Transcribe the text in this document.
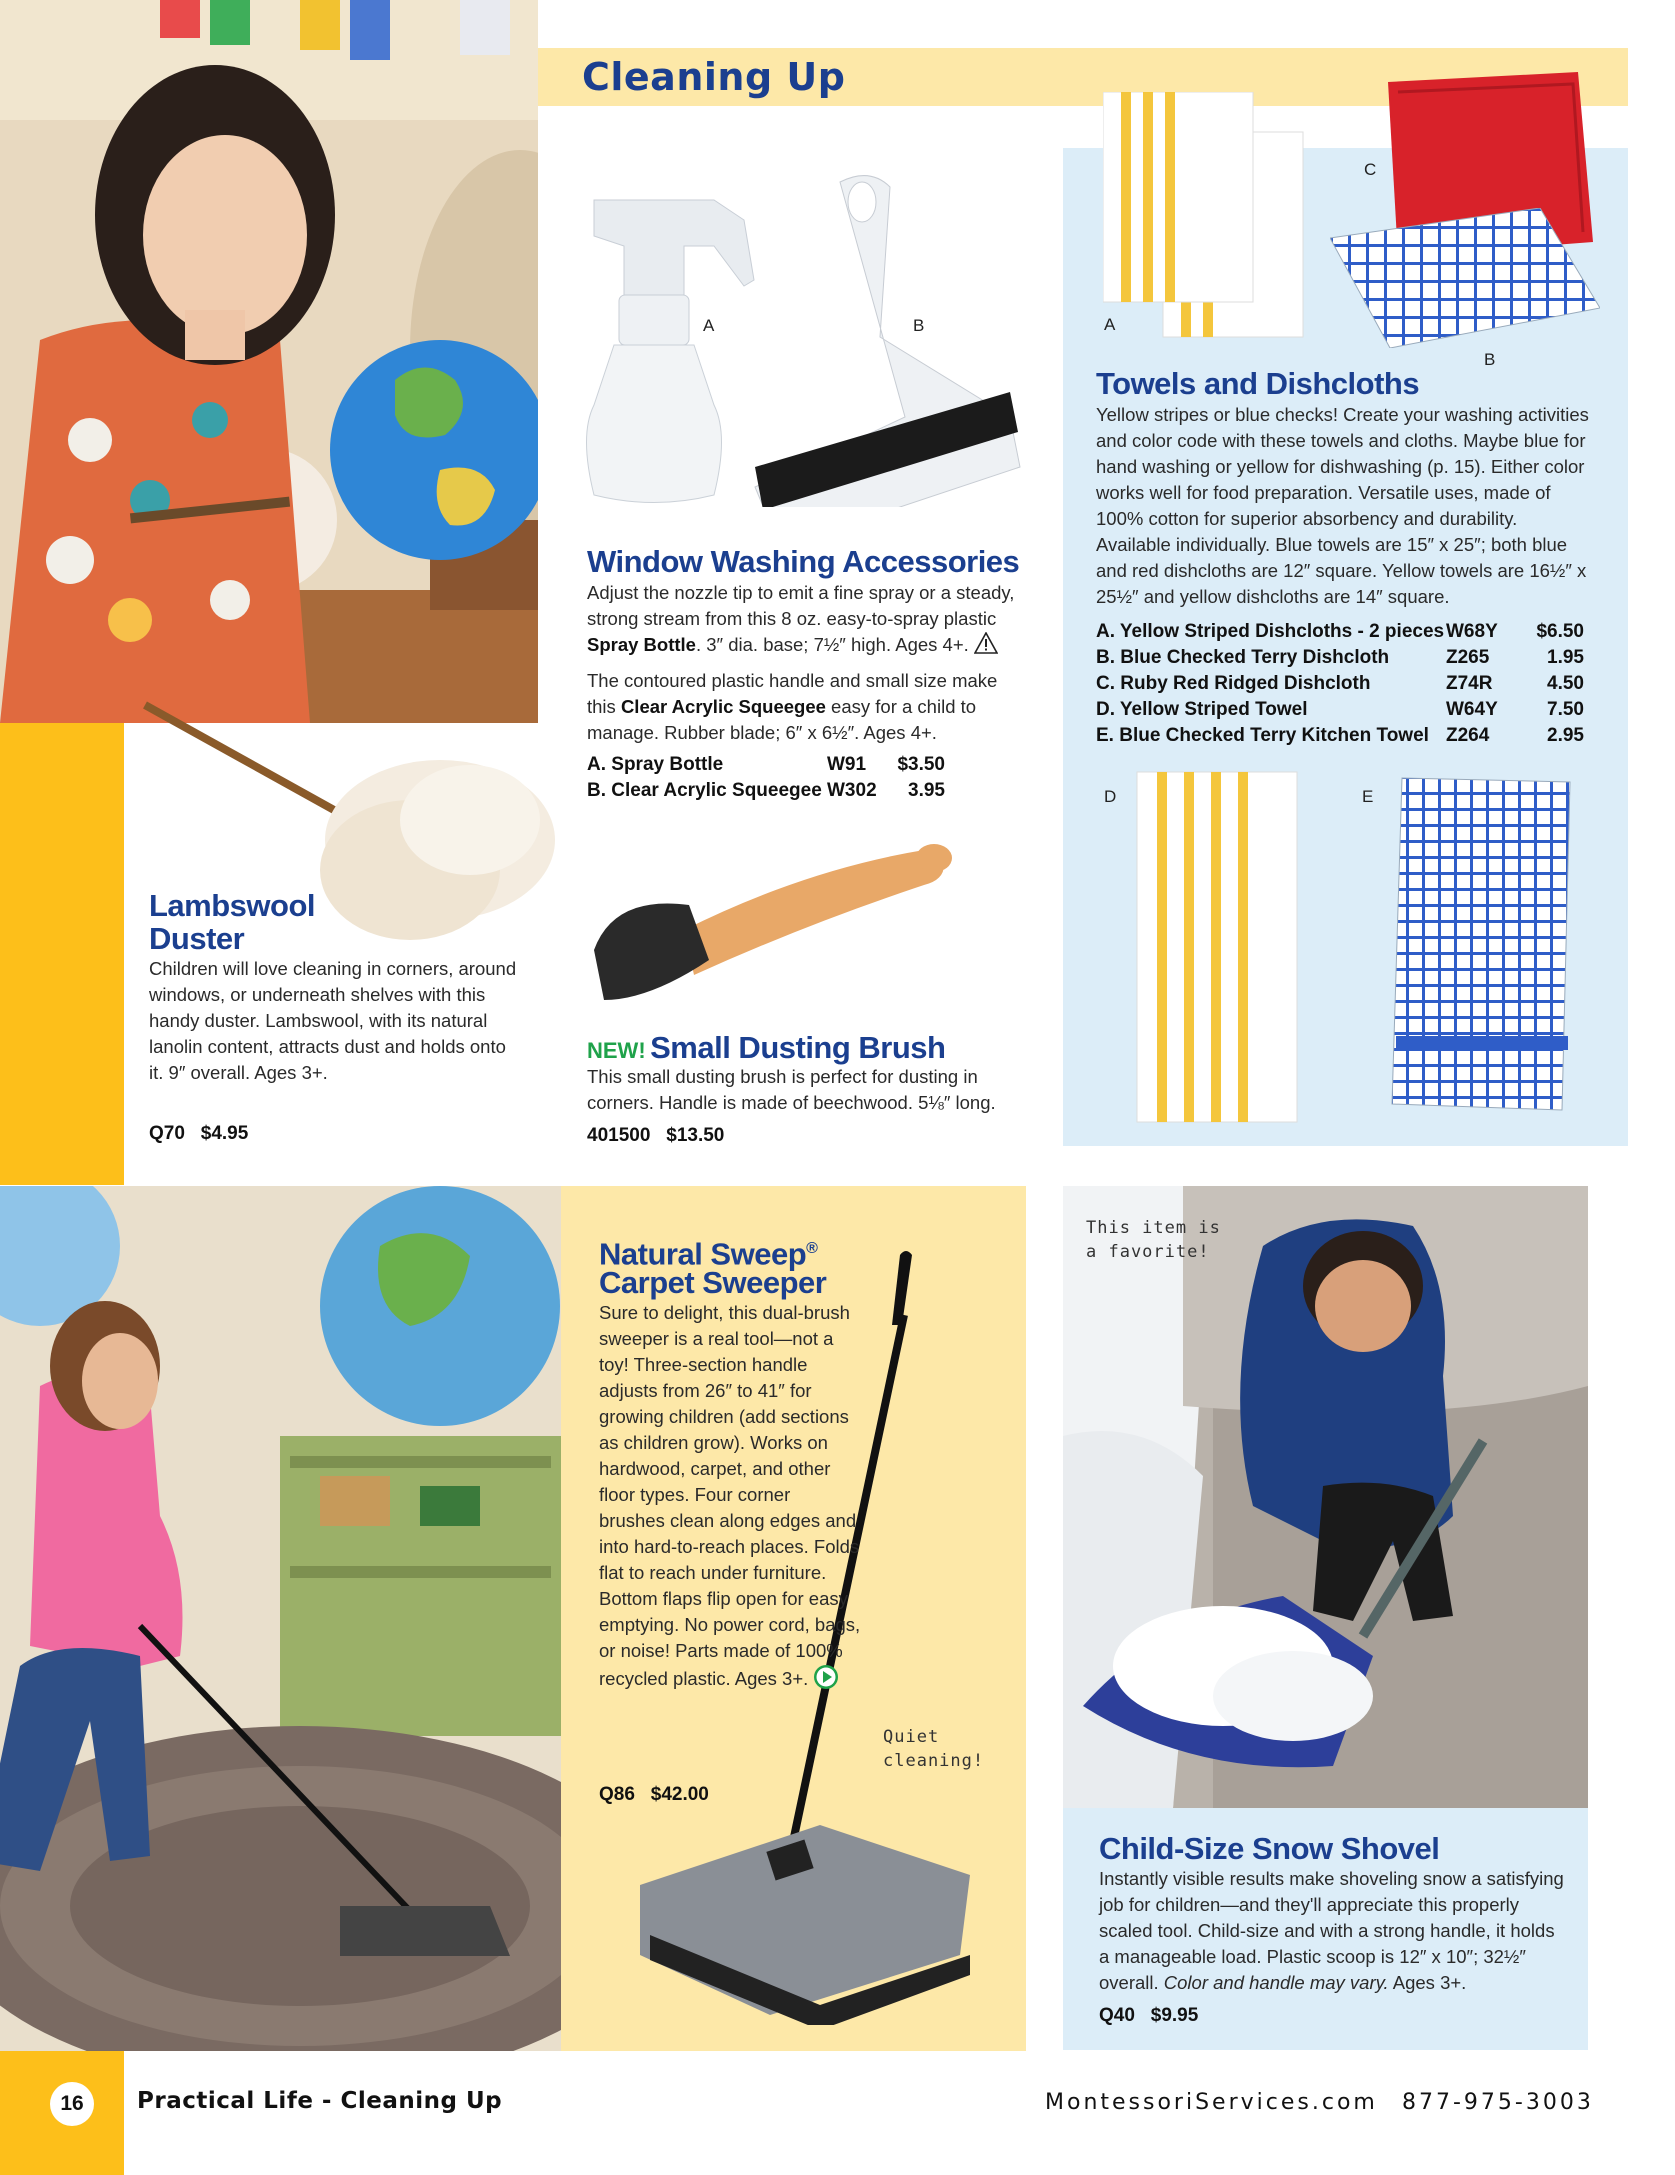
Cleaning Up
A
C
B
Towels and Dishcloths
Yellow stripes or blue checks! Create your washing activities and color code with these towels and cloths. Maybe blue for hand washing or yellow for dishwashing (p. 15). Either color works well for food preparation. Versatile uses, made of 100% cotton for superior absorbency and durability. Available individually. Blue towels are 15″ x 25″; both blue and red dishcloths are 12″ square. Yellow towels are 16½″ x 25½″ and yellow dishcloths are 14″ square.
A. Yellow Striped Dishcloths - 2 pieces	W68Y	$6.50
B. Blue Checked Terry Dishcloth	Z265	1.95
C. Ruby Red Ridged Dishcloth	Z74R	4.50
D. Yellow Striped Towel	W64Y	7.50
E. Blue Checked Terry Kitchen Towel	Z264	2.95
D	E
A	B
Window Washing Accessories
Adjust the nozzle tip to emit a fine spray or a steady, strong stream from this 8 oz. easy-to-spray plastic Spray Bottle. 3″ dia. base; 7½″ high. Ages 4+.
The contoured plastic handle and small size make this Clear Acrylic Squeegee easy for a child to manage. Rubber blade; 6″ x 6½″. Ages 4+.
A. Spray Bottle	W91	$3.50
B. Clear Acrylic Squeegee	W302	3.95
Lambswool
Duster
Children will love cleaning in corners, around windows, or underneath shelves with this handy duster. Lambswool, with its natural lanolin content, attracts dust and holds onto it. 9″ overall. Ages 3+.
Q70 $4.95
NEW! Small Dusting Brush
This small dusting brush is perfect for dusting in corners. Handle is made of beechwood. 5⅛″ long.
401500 $13.50
Natural Sweep®
Carpet Sweeper
Sure to delight, this dual-brush sweeper is a real tool—not a toy! Three-section handle adjusts from 26″ to 41″ for growing children (add sections as children grow). Works on hardwood, carpet, and other floor types. Four corner brushes clean along edges and into hard-to-reach places. Folds flat to reach under furniture. Bottom flaps flip open for easy emptying. No power cord, bags, or noise! Parts made of 100% recycled plastic. Ages 3+.
Q86 $42.00
Quiet cleaning!
This item is a favorite!
Child-Size Snow Shovel
Instantly visible results make shoveling snow a satisfying job for children—and they'll appreciate this properly scaled tool. Child-size and with a strong handle, it holds a manageable load. Plastic scoop is 12″ x 10″; 32½″ overall. Color and handle may vary. Ages 3+.
Q40 $9.95
16	Practical Life - Cleaning Up	MontessoriServices.com 877-975-3003
